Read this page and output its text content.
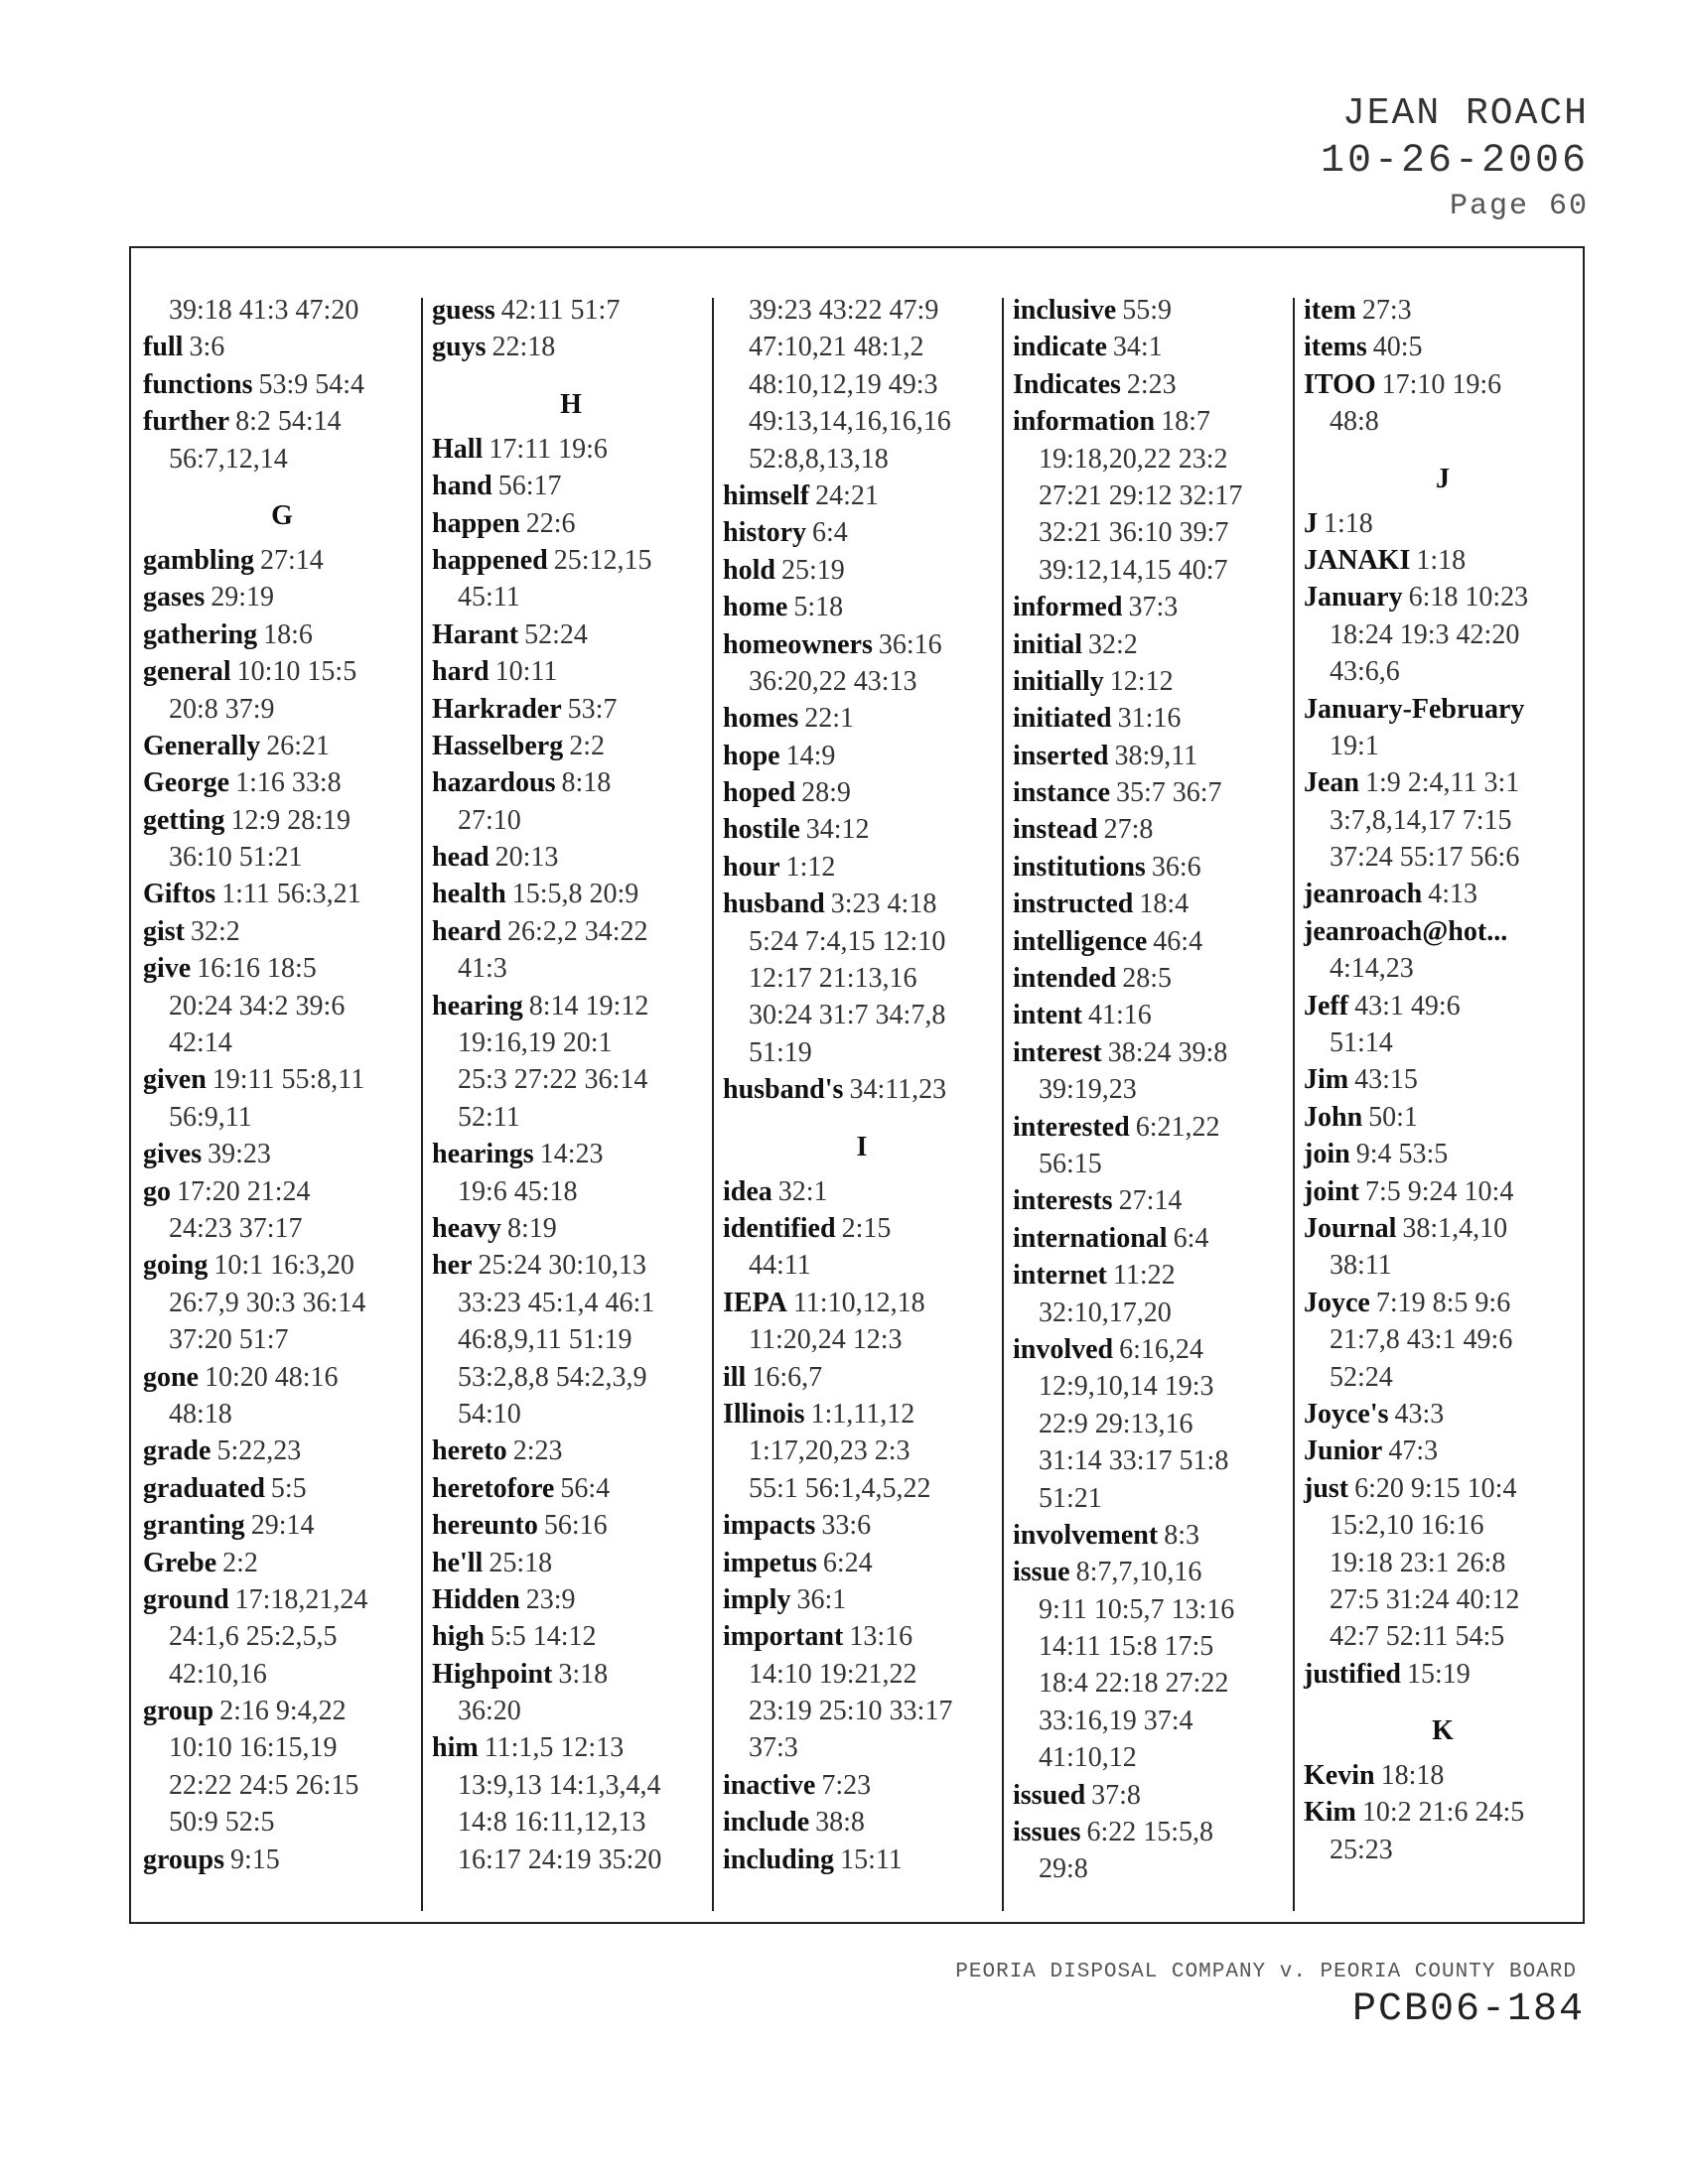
JEAN ROACH
10-26-2006
Page 60
39:18 41:3 47:20
full 3:6
functions 53:9 54:4
further 8:2 54:14
56:7,12,14
G
gambling 27:14
gases 29:19
gathering 18:6
general 10:10 15:5
20:8 37:9
Generally 26:21
George 1:16 33:8
getting 12:9 28:19
36:10 51:21
Giftos 1:11 56:3,21
gist 32:2
give 16:16 18:5
20:24 34:2 39:6
42:14
given 19:11 55:8,11
56:9,11
gives 39:23
go 17:20 21:24
24:23 37:17
going 10:1 16:3,20
26:7,9 30:3 36:14
37:20 51:7
gone 10:20 48:16
48:18
grade 5:22,23
graduated 5:5
granting 29:14
Grebe 2:2
ground 17:18,21,24
24:1,6 25:2,5,5
42:10,16
group 2:16 9:4,22
10:10 16:15,19
22:22 24:5 26:15
50:9 52:5
groups 9:15
guess 42:11 51:7
guys 22:18
H
Hall 17:11 19:6
hand 56:17
happen 22:6
happened 25:12,15
45:11
Harant 52:24
hard 10:11
Harkrader 53:7
Hasselberg 2:2
hazardous 8:18
27:10
head 20:13
health 15:5,8 20:9
heard 26:2,2 34:22
41:3
hearing 8:14 19:12
19:16,19 20:1
25:3 27:22 36:14
52:11
hearings 14:23
19:6 45:18
heavy 8:19
her 25:24 30:10,13
33:23 45:1,4 46:1
46:8,9,11 51:19
53:2,8,8 54:2,3,9
54:10
hereto 2:23
heretofore 56:4
hereunto 56:16
he'll 25:18
Hidden 23:9
high 5:5 14:12
Highpoint 3:18
36:20
him 11:1,5 12:13
13:9,13 14:1,3,4,4
14:8 16:11,12,13
16:17 24:19 35:20
39:23 43:22 47:9
47:10,21 48:1,2
48:10,12,19 49:3
49:13,14,16,16,16
52:8,8,13,18
himself 24:21
history 6:4
hold 25:19
home 5:18
homeowners 36:16
36:20,22 43:13
homes 22:1
hope 14:9
hoped 28:9
hostile 34:12
hour 1:12
husband 3:23 4:18
5:24 7:4,15 12:10
12:17 21:13,16
30:24 31:7 34:7,8
51:19
husband's 34:11,23
I
idea 32:1
identified 2:15
44:11
IEPA 11:10,12,18
11:20,24 12:3
ill 16:6,7
Illinois 1:1,11,12
1:17,20,23 2:3
55:1 56:1,4,5,22
impacts 33:6
impetus 6:24
imply 36:1
important 13:16
14:10 19:21,22
23:19 25:10 33:17
37:3
inactive 7:23
include 38:8
including 15:11
inclusive 55:9
indicate 34:1
Indicates 2:23
information 18:7
19:18,20,22 23:2
27:21 29:12 32:17
32:21 36:10 39:7
39:12,14,15 40:7
informed 37:3
initial 32:2
initially 12:12
initiated 31:16
inserted 38:9,11
instance 35:7 36:7
instead 27:8
institutions 36:6
instructed 18:4
intelligence 46:4
intended 28:5
intent 41:16
interest 38:24 39:8
39:19,23
interested 6:21,22
56:15
interests 27:14
international 6:4
internet 11:22
32:10,17,20
involved 6:16,24
12:9,10,14 19:3
22:9 29:13,16
31:14 33:17 51:8
51:21
involvement 8:3
issue 8:7,7,10,16
9:11 10:5,7 13:16
14:11 15:8 17:5
18:4 22:18 27:22
33:16,19 37:4
41:10,12
issued 37:8
issues 6:22 15:5,8
29:8
item 27:3
items 40:5
ITOO 17:10 19:6
48:8
J
J 1:18
JANAKI 1:18
January 6:18 10:23
18:24 19:3 42:20
43:6,6
January-February
19:1
Jean 1:9 2:4,11 3:1
3:7,8,14,17 7:15
37:24 55:17 56:6
jeanroach 4:13
jeanroach@hot...
4:14,23
Jeff 43:1 49:6
51:14
Jim 43:15
John 50:1
join 9:4 53:5
joint 7:5 9:24 10:4
Journal 38:1,4,10
38:11
Joyce 7:19 8:5 9:6
21:7,8 43:1 49:6
52:24
Joyce's 43:3
Junior 47:3
just 6:20 9:15 10:4
15:2,10 16:16
19:18 23:1 26:8
27:5 31:24 40:12
42:7 52:11 54:5
justified 15:19
K
Kevin 18:18
Kim 10:2 21:6 24:5
25:23
PEORIA DISPOSAL COMPANY v. PEORIA COUNTY BOARD
PCB06-184
